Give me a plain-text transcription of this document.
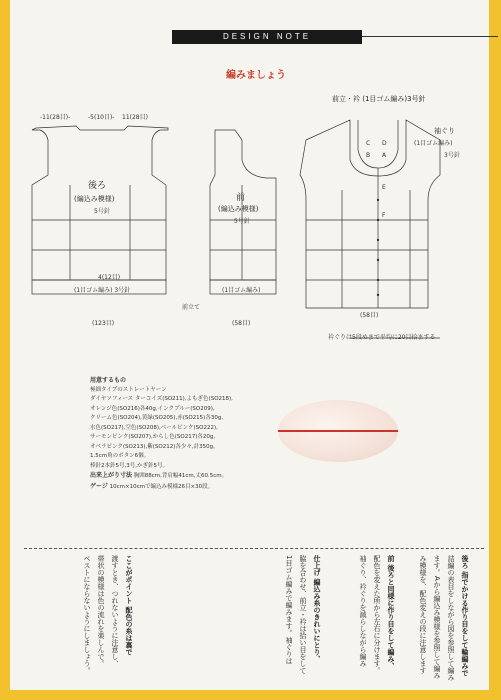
DESIGN NOTE
編みましょう
-11(28目)-	-5(10目)- 11(28目)
後ろ
(編込み模様)
5号針
4(12目)
(1目ゴム編み) 3号針
(123目)
前
(編込み模様)
5号針
(1目ゴム編み)
(58目)
前立て
前立・衿 (1目ゴム編み)3号針
袖ぐり
(1目ゴム編み)
3号針
(58目)
衿ぐりは5段めまで平均に20目拾まする
C
B A
D
E
F
用意するもの
極細タイプのストレートヤーン
ダイヤソフィース ターコイズ(SO211),よもぎ色(SO218),
オレンジ色(SO216)各40g,インクブルー(SO209),
クリーム色(SO204),黄緑(SO205),赤(SO215)各30g,
水色(SO217),空色(SO208),ベールピンク(SO222),
サーモンピンク(SO207),からし色(SO217)各20g,
オペラピンク(SO213),紫(SO212)各少々,計350g。
1.5cm角のボタン6個。
棒針2本針5号,3号,かぎ針5号。
出来上がり寸法 胸囲88cm,背肩幅41cm,丈60.5cm。
ゲージ 10cm×10cmで編込み模様26目×30段。
後ろ 指でかける作り目をして輪編みで
詰編の表目をしながら図を参照して編み
ます。Aから編込み模様を参照して編み
み模様を、配色変えの段に注意します
前 後ろと同様に作り目をして編み、
配色を変えた所から左右に分けます。
袖ぐり、衿ぐりを減らしながら編み
仕上げ 編込み糸のきれいにとり、
脇を合わせ、前立・衿は拾い目をして
1目ゴム編みで編みます。袖ぐりは
ここがポイント 配色の糸は裏で
渡すとき、つれないように注意し、
帯状の模様は色の流れを楽しんで。
ベストにならないようにしましょう。
